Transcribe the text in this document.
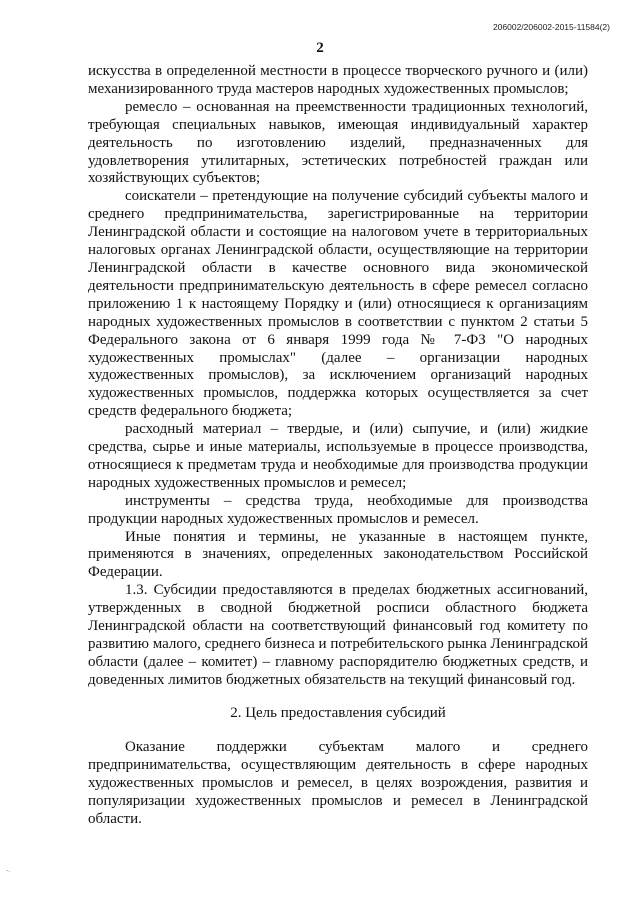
206002/206002-2015-11584(2)
2

искусства в определенной местности в процессе творческого ручного и (или) механизированного труда мастеров народных художественных промыслов;

ремесло – основанная на преемственности традиционных технологий, требующая специальных навыков, имеющая индивидуальный характер деятельность по изготовлению изделий, предназначенных для удовлетворения утилитарных, эстетических потребностей граждан или хозяйствующих субъектов;

соискатели – претендующие на получение субсидий субъекты малого и среднего предпринимательства, зарегистрированные на территории Ленинградской области и состоящие на налоговом учете в территориальных налоговых органах Ленинградской области, осуществляющие на территории Ленинградской области в качестве основного вида экономической деятельности предпринимательскую деятельность в сфере ремесел согласно приложению 1 к настоящему Порядку и (или) относящиеся к организациям народных художественных промыслов в соответствии с пунктом 2 статьи 5 Федерального закона от 6 января 1999 года № 7-ФЗ "О народных художественных промыслах" (далее – организации народных художественных промыслов), за исключением организаций народных художественных промыслов, поддержка которых осуществляется за счет средств федерального бюджета;

расходный материал – твердые, и (или) сыпучие, и (или) жидкие средства, сырье и иные материалы, используемые в процессе производства, относящиеся к предметам труда и необходимые для производства продукции народных художественных промыслов и ремесел;

инструменты – средства труда, необходимые для производства продукции народных художественных промыслов и ремесел.

Иные понятия и термины, не указанные в настоящем пункте, применяются в значениях, определенных законодательством Российской Федерации.

1.3. Субсидии предоставляются в пределах бюджетных ассигнований, утвержденных в сводной бюджетной росписи областного бюджета Ленинградской области на соответствующий финансовый год комитету по развитию малого, среднего бизнеса и потребительского рынка Ленинградской области (далее – комитет) – главному распорядителю бюджетных средств, и доведенных лимитов бюджетных обязательств на текущий финансовый год.

2. Цель предоставления субсидий

Оказание поддержки субъектам малого и среднего предпринимательства, осуществляющим деятельность в сфере народных художественных промыслов и ремесел, в целях возрождения, развития и популяризации художественных промыслов и ремесел в Ленинградской области.

-.
